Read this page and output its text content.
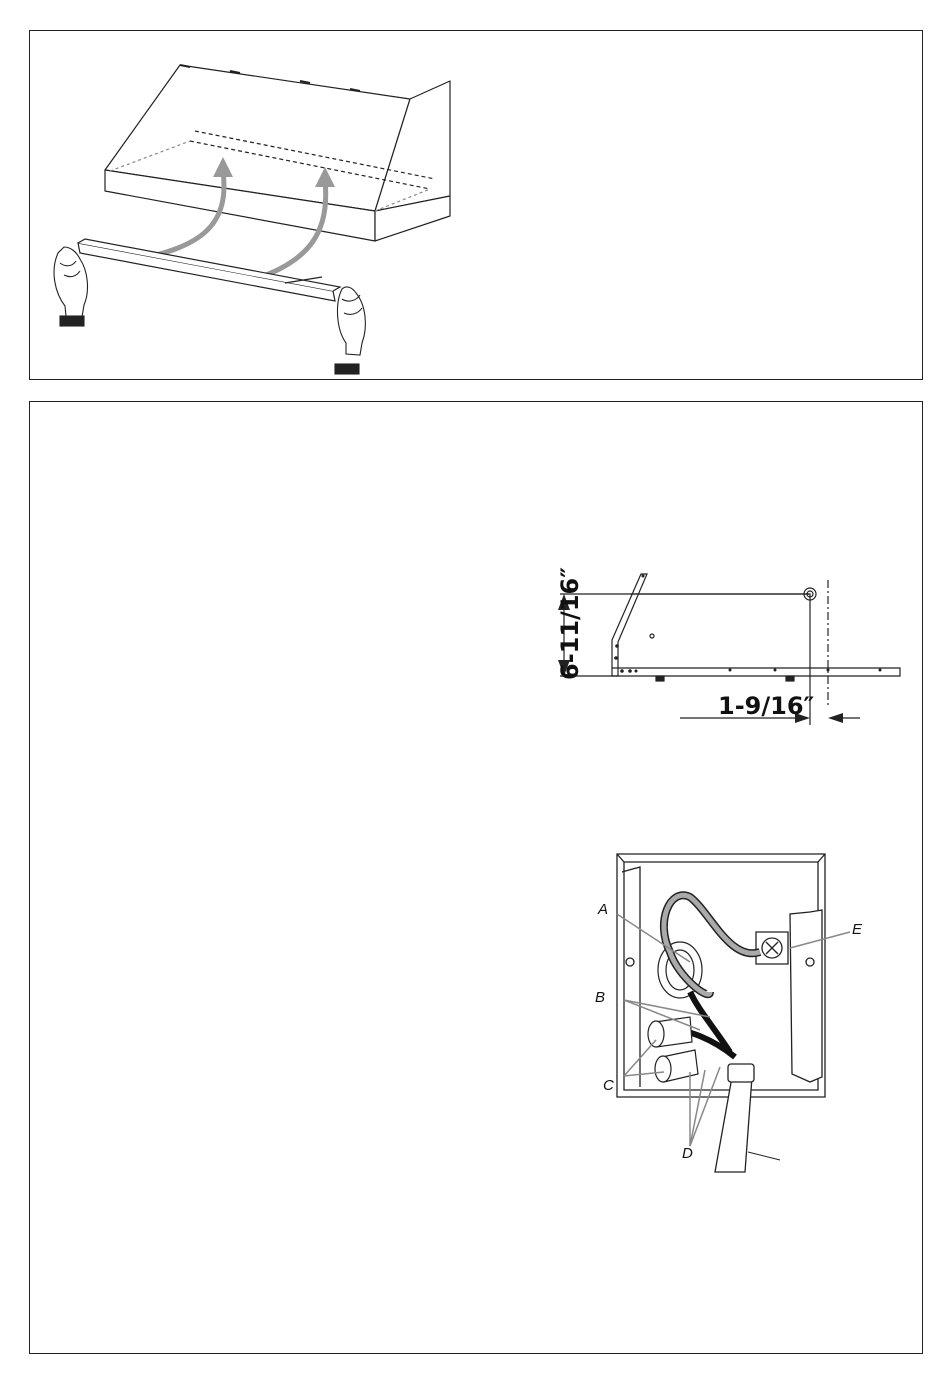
6-11/16″
1-9/16″
A
B
C
D
E
